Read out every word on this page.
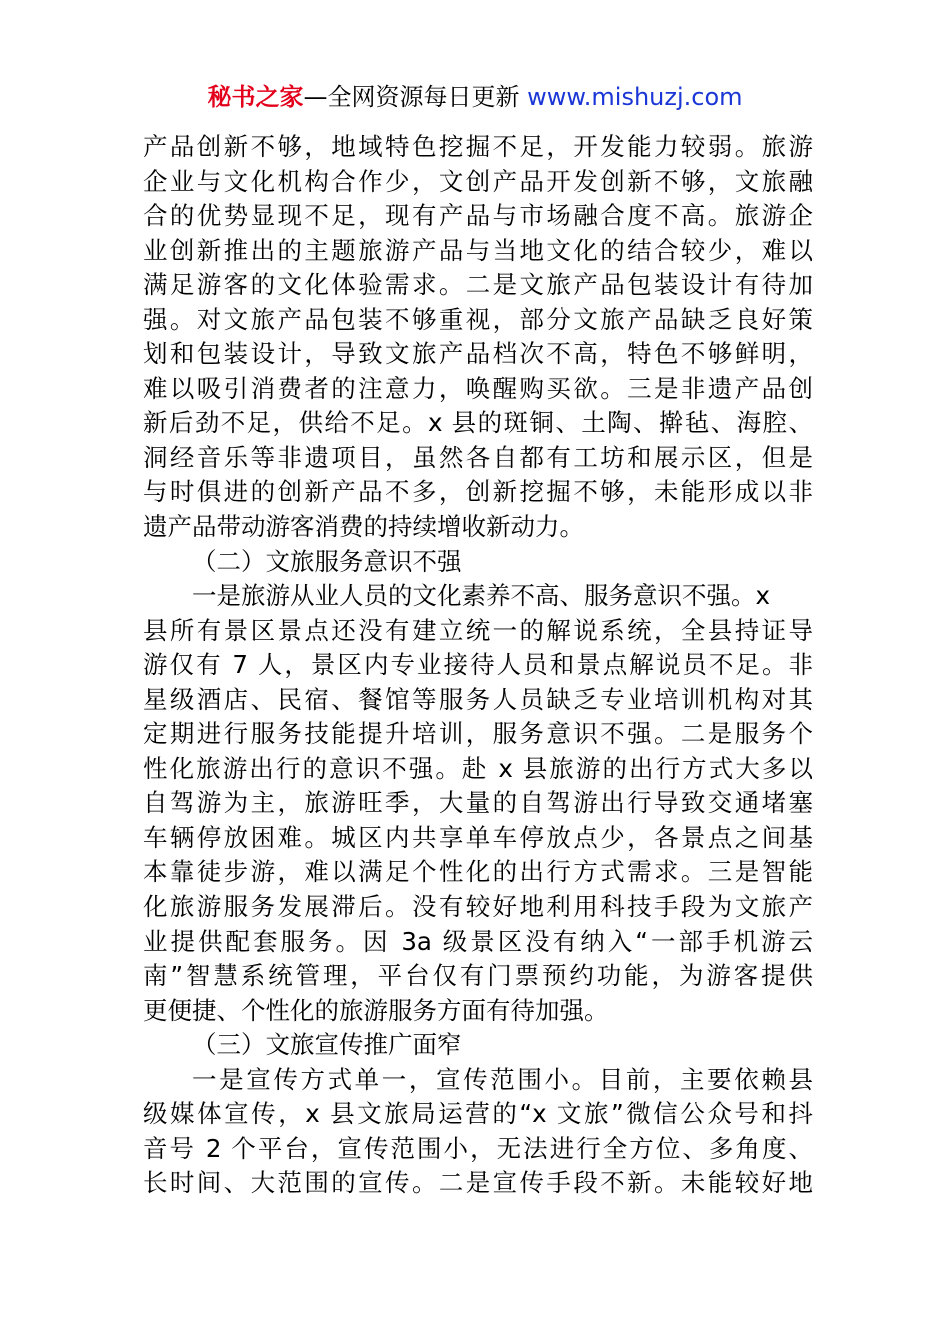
秘书之家—全网资源每日更新 www.mishuzj.com
产品创新不够，地域特色挖掘不足，开发能力较弱。旅游
企业与文化机构合作少，文创产品开发创新不够，文旅融
合的优势显现不足，现有产品与市场融合度不高。旅游企
业创新推出的主题旅游产品与当地文化的结合较少，难以
满足游客的文化体验需求。二是文旅产品包装设计有待加
强。对文旅产品包装不够重视，部分文旅产品缺乏良好策
划和包装设计，导致文旅产品档次不高，特色不够鲜明，
难以吸引消费者的注意力，唤醒购买欲。三是非遗产品创
新后劲不足，供给不足。x 县的斑铜、土陶、擀毡、海腔、
洞经音乐等非遗项目，虽然各自都有工坊和展示区，但是
与时俱进的创新产品不多，创新挖掘不够，未能形成以非
遗产品带动游客消费的持续增收新动力。
（二）文旅服务意识不强
一是旅游从业人员的文化素养不高、服务意识不强。x
县所有景区景点还没有建立统一的解说系统，全县持证导
游仅有 7 人，景区内专业接待人员和景点解说员不足。非
星级酒店、民宿、餐馆等服务人员缺乏专业培训机构对其
定期进行服务技能提升培训，服务意识不强。二是服务个
性化旅游出行的意识不强。赴 x 县旅游的出行方式大多以
自驾游为主，旅游旺季，大量的自驾游出行导致交通堵塞
车辆停放困难。城区内共享单车停放点少，各景点之间基
本靠徒步游，难以满足个性化的出行方式需求。三是智能
化旅游服务发展滞后。没有较好地利用科技手段为文旅产
业提供配套服务。因 3a 级景区没有纳入“一部手机游云
南”智慧系统管理，平台仅有门票预约功能，为游客提供
更便捷、个性化的旅游服务方面有待加强。
（三）文旅宣传推广面窄
一是宣传方式单一，宣传范围小。目前，主要依赖县
级媒体宣传，x 县文旅局运营的“x 文旅”微信公众号和抖
音号 2 个平台，宣传范围小，无法进行全方位、多角度、
长时间、大范围的宣传。二是宣传手段不新。未能较好地
